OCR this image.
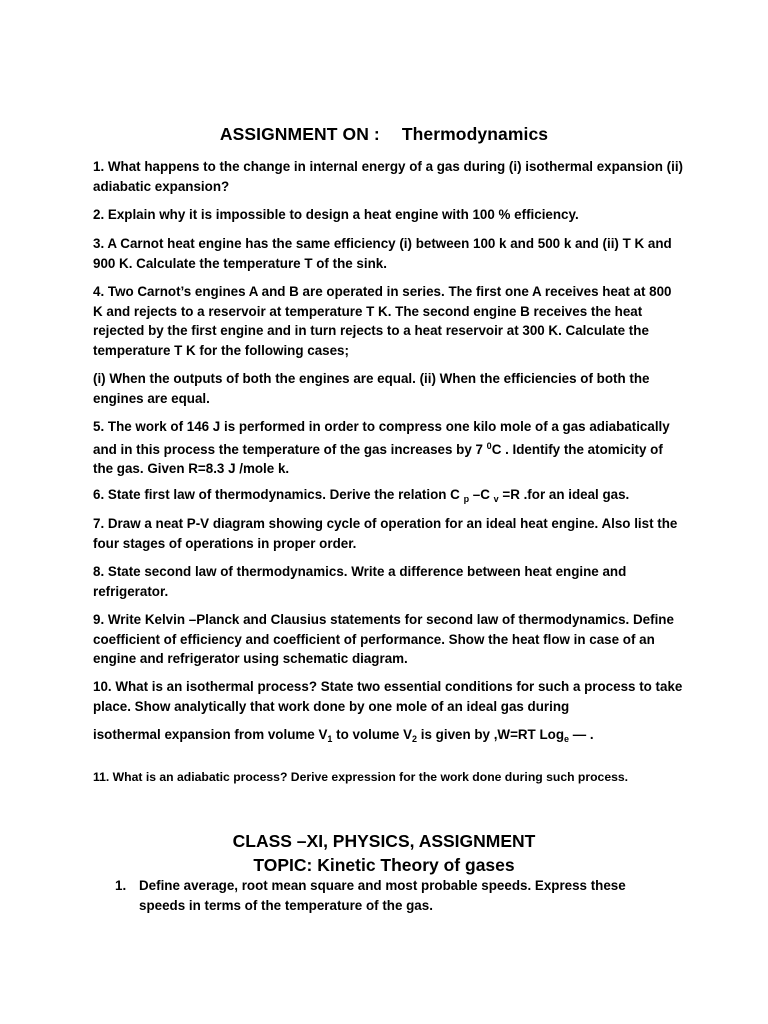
ASSIGNMENT ON : Thermodynamics

1. What happens to the change in internal energy of a gas during (i) isothermal expansion (ii) adiabatic expansion?

2. Explain why it is impossible to design a heat engine with 100 % efficiency.

3. A Carnot heat engine has the same efficiency (i) between 100 k and 500 k and (ii) T K and 900 K. Calculate the temperature T of the sink.

4. Two Carnot’s engines A and B are operated in series. The first one A receives heat at 800 K and rejects to a reservoir at temperature T K. The second engine B receives the heat rejected by the first engine and in turn rejects to a heat reservoir at 300 K. Calculate the temperature T K for the following cases;

(i) When the outputs of both the engines are equal. (ii) When the efficiencies of both the engines are equal.

5. The work of 146 J is performed in order to compress one kilo mole of a gas adiabatically and in this process the temperature of the gas increases by 7 $^0$C . Identify the atomicity of the gas. Given R=8.3 J /mole k.

6. State first law of thermodynamics. Derive the relation C $_p$ –C $_v$ =R .for an ideal gas.

7. Draw a neat P-V diagram showing cycle of operation for an ideal heat engine. Also list the four stages of operations in proper order.

8. State second law of thermodynamics. Write a difference between heat engine and refrigerator.

9. Write Kelvin –Planck and Clausius statements for second law of thermodynamics. Define coefficient of efficiency and coefficient of performance. Show the heat flow in case of an engine and refrigerator using schematic diagram.

10. What is an isothermal process? State two essential conditions for such a process to take place. Show analytically that work done by one mole of an ideal gas during

isothermal expansion from volume $V_1$ to volume $V_2$ is given by ,W=RT Log$_e$ — .

11. What is an adiabatic process? Derive expression for the work done during such process.

CLASS –XI, PHYSICS, ASSIGNMENT
TOPIC: Kinetic Theory of gases
1. Define average, root mean square and most probable speeds. Express these speeds in terms of the temperature of the gas.
